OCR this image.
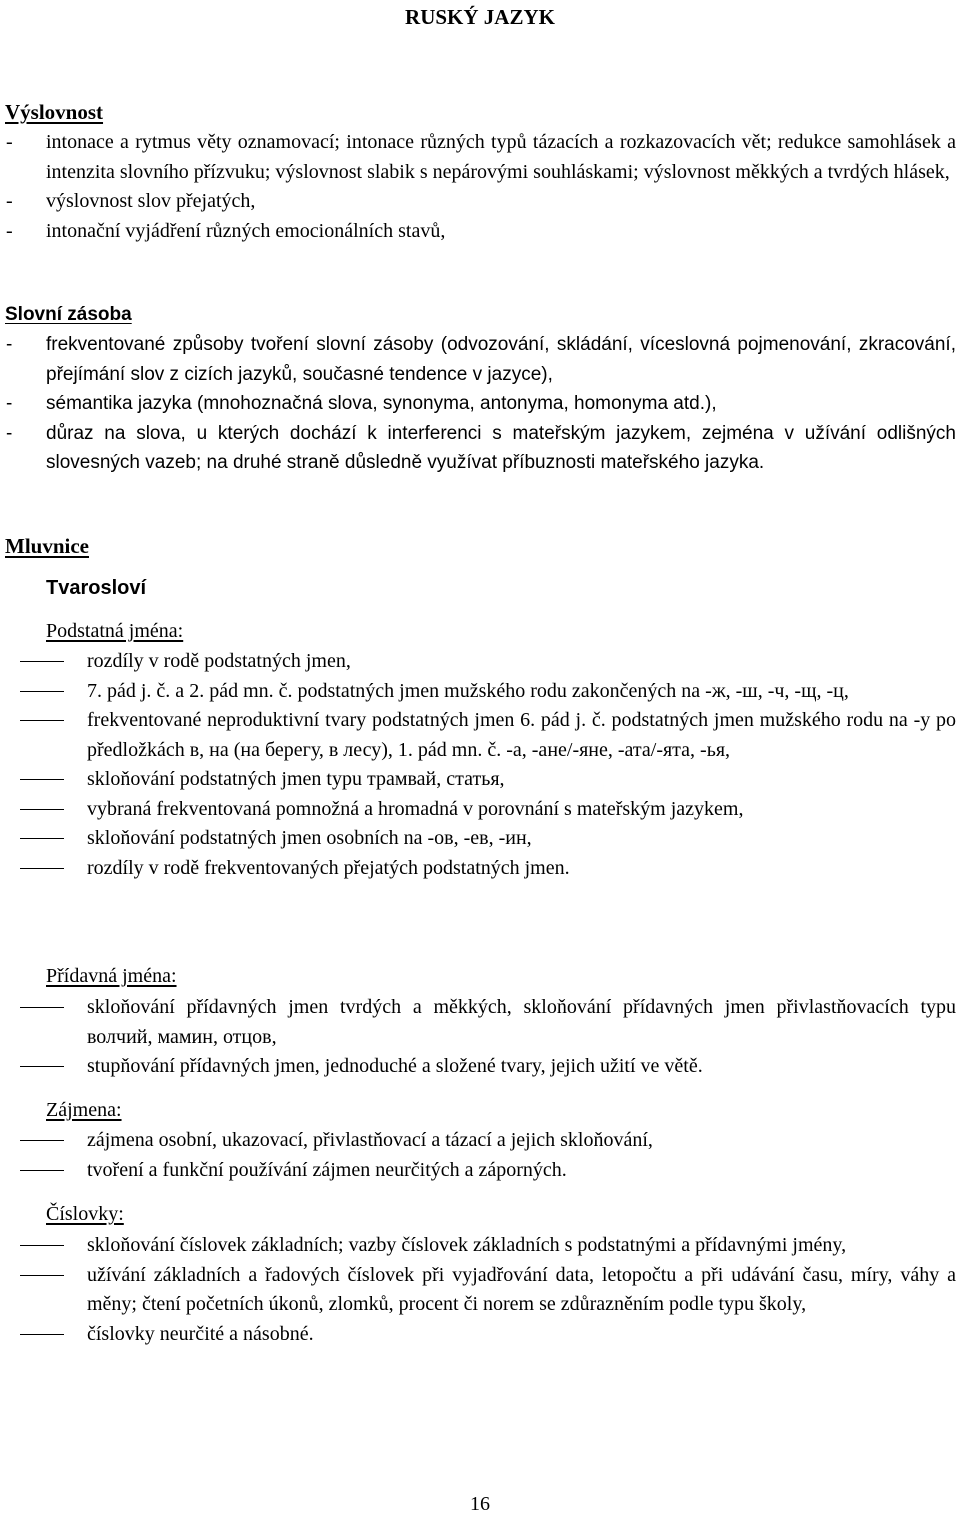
RUSKÝ JAZYK
Výslovnost
- intonace a rytmus věty oznamovací; intonace různých typů tázacích a rozkazovacích vět; redukce samohlásek a intenzita slovního přízvuku; výslovnost slabik s nepárovými souhláskami; výslovnost měkkých a tvrdých hlásek,
- výslovnost slov přejatých,
- intonační vyjádření různých emocionálních stavů,
Slovní zásoba
- frekventované způsoby tvoření slovní zásoby (odvozování, skládání, víceslovná pojmenování, zkracování, přejímání slov z cizích jazyků, současné tendence v jazyce),
- sémantika jazyka (mnohoznačná slova, synonyma, antonyma, homonyma atd.),
- důraz na slova, u kterých dochází k interferenci s mateřským jazykem, zejména v užívání odlišných slovesných vazeb; na druhé straně důsledně využívat příbuznosti mateřského jazyka.
Mluvnice
Tvarosloví
Podstatná jména:
rozdíly v rodě podstatných jmen,
7. pád j. č. a 2. pád mn. č. podstatných jmen mužského rodu zakončených na -ж, -ш, -ч, -щ, -ц,
frekventované neproduktivní tvary podstatných jmen 6. pád j. č. podstatných jmen mužského rodu na -y po předložkách в, на (на берегу, в лесу), 1. pád mn. č. -a, -ане/-яне, -ата/-ята, -ья,
skloňování podstatných jmen typu трамвай, статья,
vybraná frekventovaná pomnožná a hromadná v porovnání s mateřským jazykem,
skloňování podstatných jmen osobních na -ов, -ев, -ин,
rozdíly v rodě frekventovaných přejatých podstatných jmen.
Přídavná jména:
skloňování přídavných jmen tvrdých a měkkých, skloňování přídavných jmen přivlastňovacích typu волчий, мамин, отцов,
stupňování přídavných jmen, jednoduché a složené tvary, jejich užití ve větě.
Zájmena:
zájmena osobní, ukazovací, přivlastňovací a tázací a jejich skloňování,
tvoření a funkční používání zájmen neurčitých a záporných.
Číslovky:
skloňování číslovek základních; vazby číslovek základních s podstatnými a přídavnými jmény,
užívání základních a řadových číslovek při vyjadřování data, letopočtu a při udávání času, míry, váhy a měny; čtení početních úkonů, zlomků, procent či norem se zdůrazněním podle typu školy,
číslovky neurčité a násobné.
16
